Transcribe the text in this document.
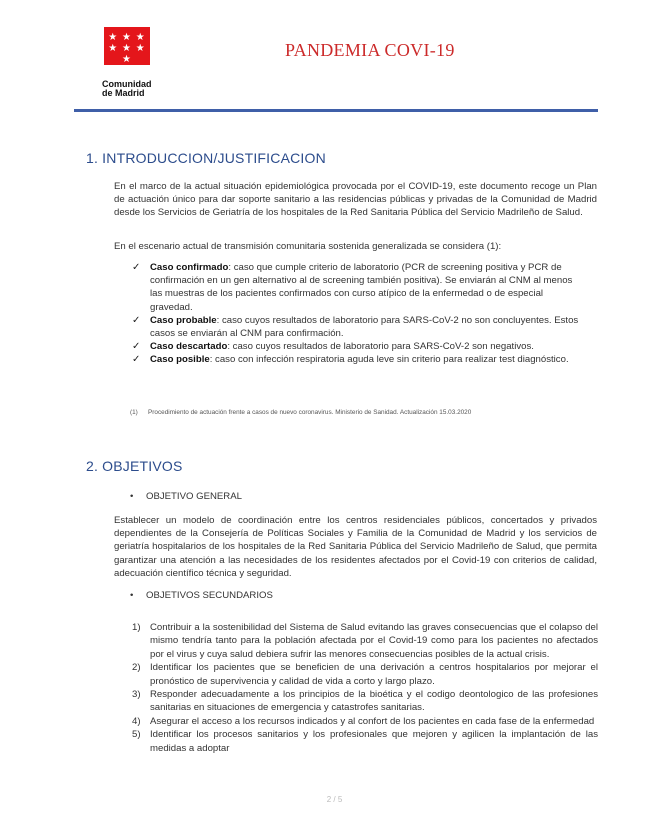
★ ★ ★ ★ ★ ★ ★
Comunidad
de Madrid
PANDEMIA COVI-19
1. INTRODUCCION/JUSTIFICACION
En el marco de la actual situación epidemiológica provocada por el COVID-19, este documento recoge un Plan de actuación único para dar soporte sanitario a las residencias públicas y privadas de la Comunidad de Madrid desde los Servicios de Geriatría de los hospitales de la Red Sanitaria Pública del Servicio Madrileño de Salud.
En el escenario actual de transmisión comunitaria sostenida generalizada se considera (1):
✓ Caso confirmado: caso que cumple criterio de laboratorio (PCR de screening positiva y PCR de confirmación en un gen alternativo al de screening también positiva). Se enviarán al CNM al menos las muestras de los pacientes confirmados con curso atípico de la enfermedad o de especial gravedad.
✓ Caso probable: caso cuyos resultados de laboratorio para SARS-CoV-2 no son concluyentes. Estos casos se enviarán al CNM para confirmación.
✓ Caso descartado: caso cuyos resultados de laboratorio para SARS-CoV-2 son negativos.
✓ Caso posible: caso con infección respiratoria aguda leve sin criterio para realizar test diagnóstico.
(1) Procedimiento de actuación frente a casos de nuevo coronavirus. Ministerio de Sanidad. Actualización 15.03.2020
2. OBJETIVOS
• OBJETIVO GENERAL
Establecer un modelo de coordinación entre los centros residenciales públicos, concertados y privados dependientes de la Consejería de Políticas Sociales y Familia de la Comunidad de Madrid y los servicios de geriatría hospitalarios de los hospitales de la Red Sanitaria Pública del Servicio Madrileño de Salud, que permita garantizar una atención a las necesidades de los residentes afectados por el Covid-19 con criterios de calidad, adecuación científico técnica y seguridad.
• OBJETIVOS SECUNDARIOS
1) Contribuir a la sostenibilidad del Sistema de Salud evitando las graves consecuencias que el colapso del mismo tendría tanto para la población afectada por el Covid-19 como para los pacientes no afectados por el virus y cuya salud debiera sufrir las menores consecuencias posibles de la actual crisis.
2) Identificar los pacientes que se beneficien de una derivación a centros hospitalarios por mejorar el pronóstico de supervivencia y calidad de vida a corto y largo plazo.
3) Responder adecuadamente a los principios de la bioética y el codigo deontologico de las profesiones sanitarias en situaciones de emergencia y catastrofes sanitarias.
4) Asegurar el acceso a los recursos indicados y al confort de los pacientes en cada fase de la enfermedad
5) Identificar los procesos sanitarios y los profesionales que mejoren y agilicen la implantación de las medidas a adoptar
2 / 5
